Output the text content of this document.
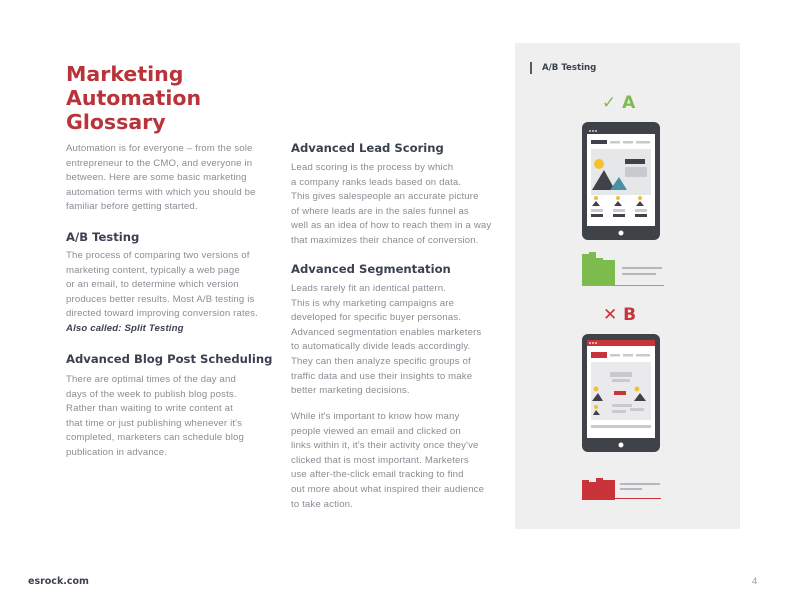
Marketing
Automation
Glossary

Automation is for everyone – from the sole
entrepreneur to the CMO, and everyone in
between. Here are some basic marketing
automation terms with which you should be
familiar before getting started.

A/B Testing

The process of comparing two versions of
marketing content, typically a web page
or an email, to determine which version
produces better results. Most A/B testing is
directed toward improving conversion rates.
Also called: Split Testing

Advanced Blog Post Scheduling

There are optimal times of the day and
days of the week to publish blog posts.
Rather than waiting to write content at
that time or just publishing whenever it's
completed, marketers can schedule blog
publication in advance.

Advanced Lead Scoring

Lead scoring is the process by which
a company ranks leads based on data.
This gives salespeople an accurate picture
of where leads are in the sales funnel as
well as an idea of how to reach them in a way
that maximizes their chance of conversion.

Advanced Segmentation

Leads rarely fit an identical pattern.
This is why marketing campaigns are
developed for specific buyer personas.
Advanced segmentation enables marketers
to automatically divide leads accordingly.
They can then analyze specific groups of
traffic data and use their insights to make
better marketing decisions.

While it's important to know how many
people viewed an email and clicked on
links within it, it's their activity once they've
clicked that is most important. Marketers
use after-the-click email tracking to find
out more about what inspired their audience
to take action.

A/B Testing
✓ A
✕ B
esrock.com	4
